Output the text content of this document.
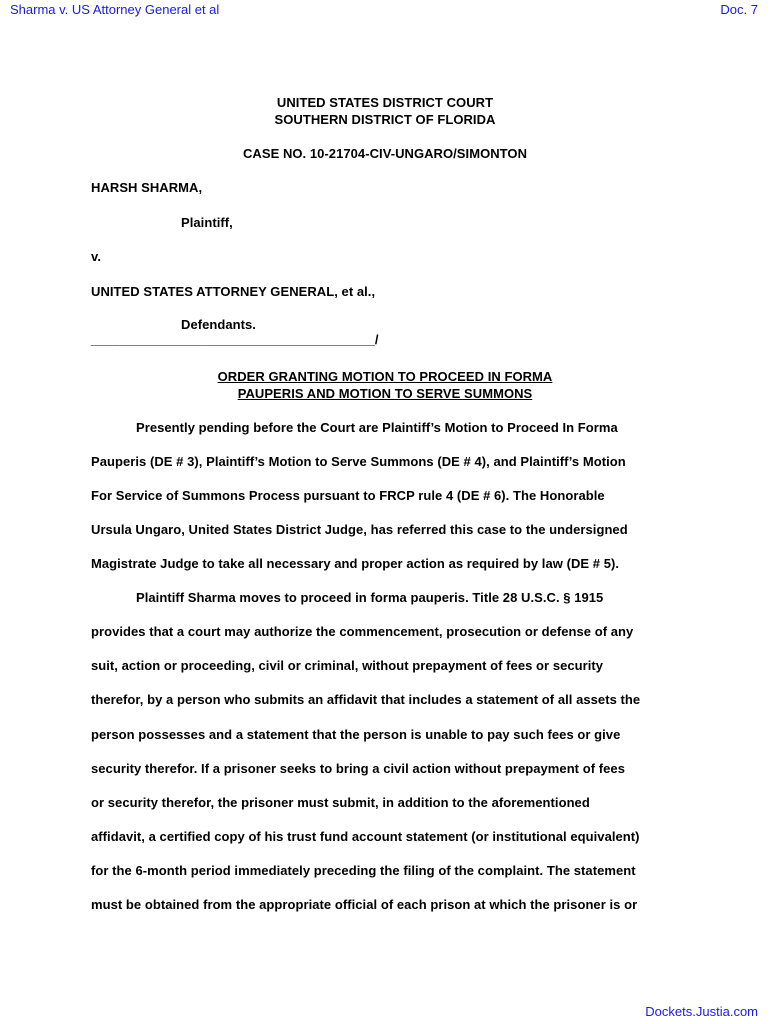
Sharma v. US Attorney General et al	Doc. 7
UNITED STATES DISTRICT COURT
SOUTHERN DISTRICT OF FLORIDA
CASE NO. 10-21704-CIV-UNGARO/SIMONTON
HARSH SHARMA,
Plaintiff,
v.
UNITED STATES ATTORNEY GENERAL, et al.,
Defendants.
_______________________________________/
ORDER GRANTING MOTION TO PROCEED IN FORMA
PAUPERIS AND MOTION TO SERVE SUMMONS
Presently pending before the Court are Plaintiff’s Motion to Proceed In Forma
Pauperis (DE # 3), Plaintiff’s Motion to Serve Summons (DE # 4), and Plaintiff’s Motion
For Service of Summons Process pursuant to FRCP rule 4 (DE # 6). The Honorable
Ursula Ungaro, United States District Judge, has referred this case to the undersigned
Magistrate Judge to take all necessary and proper action as required by law (DE # 5).
Plaintiff Sharma moves to proceed in forma pauperis. Title 28 U.S.C. § 1915
provides that a court may authorize the commencement, prosecution or defense of any
suit, action or proceeding, civil or criminal, without prepayment of fees or security
therefor, by a person who submits an affidavit that includes a statement of all assets the
person possesses and a statement that the person is unable to pay such fees or give
security therefor. If a prisoner seeks to bring a civil action without prepayment of fees
or security therefor, the prisoner must submit, in addition to the aforementioned
affidavit, a certified copy of his trust fund account statement (or institutional equivalent)
for the 6-month period immediately preceding the filing of the complaint. The statement
must be obtained from the appropriate official of each prison at which the prisoner is or
Dockets.Justia.com
